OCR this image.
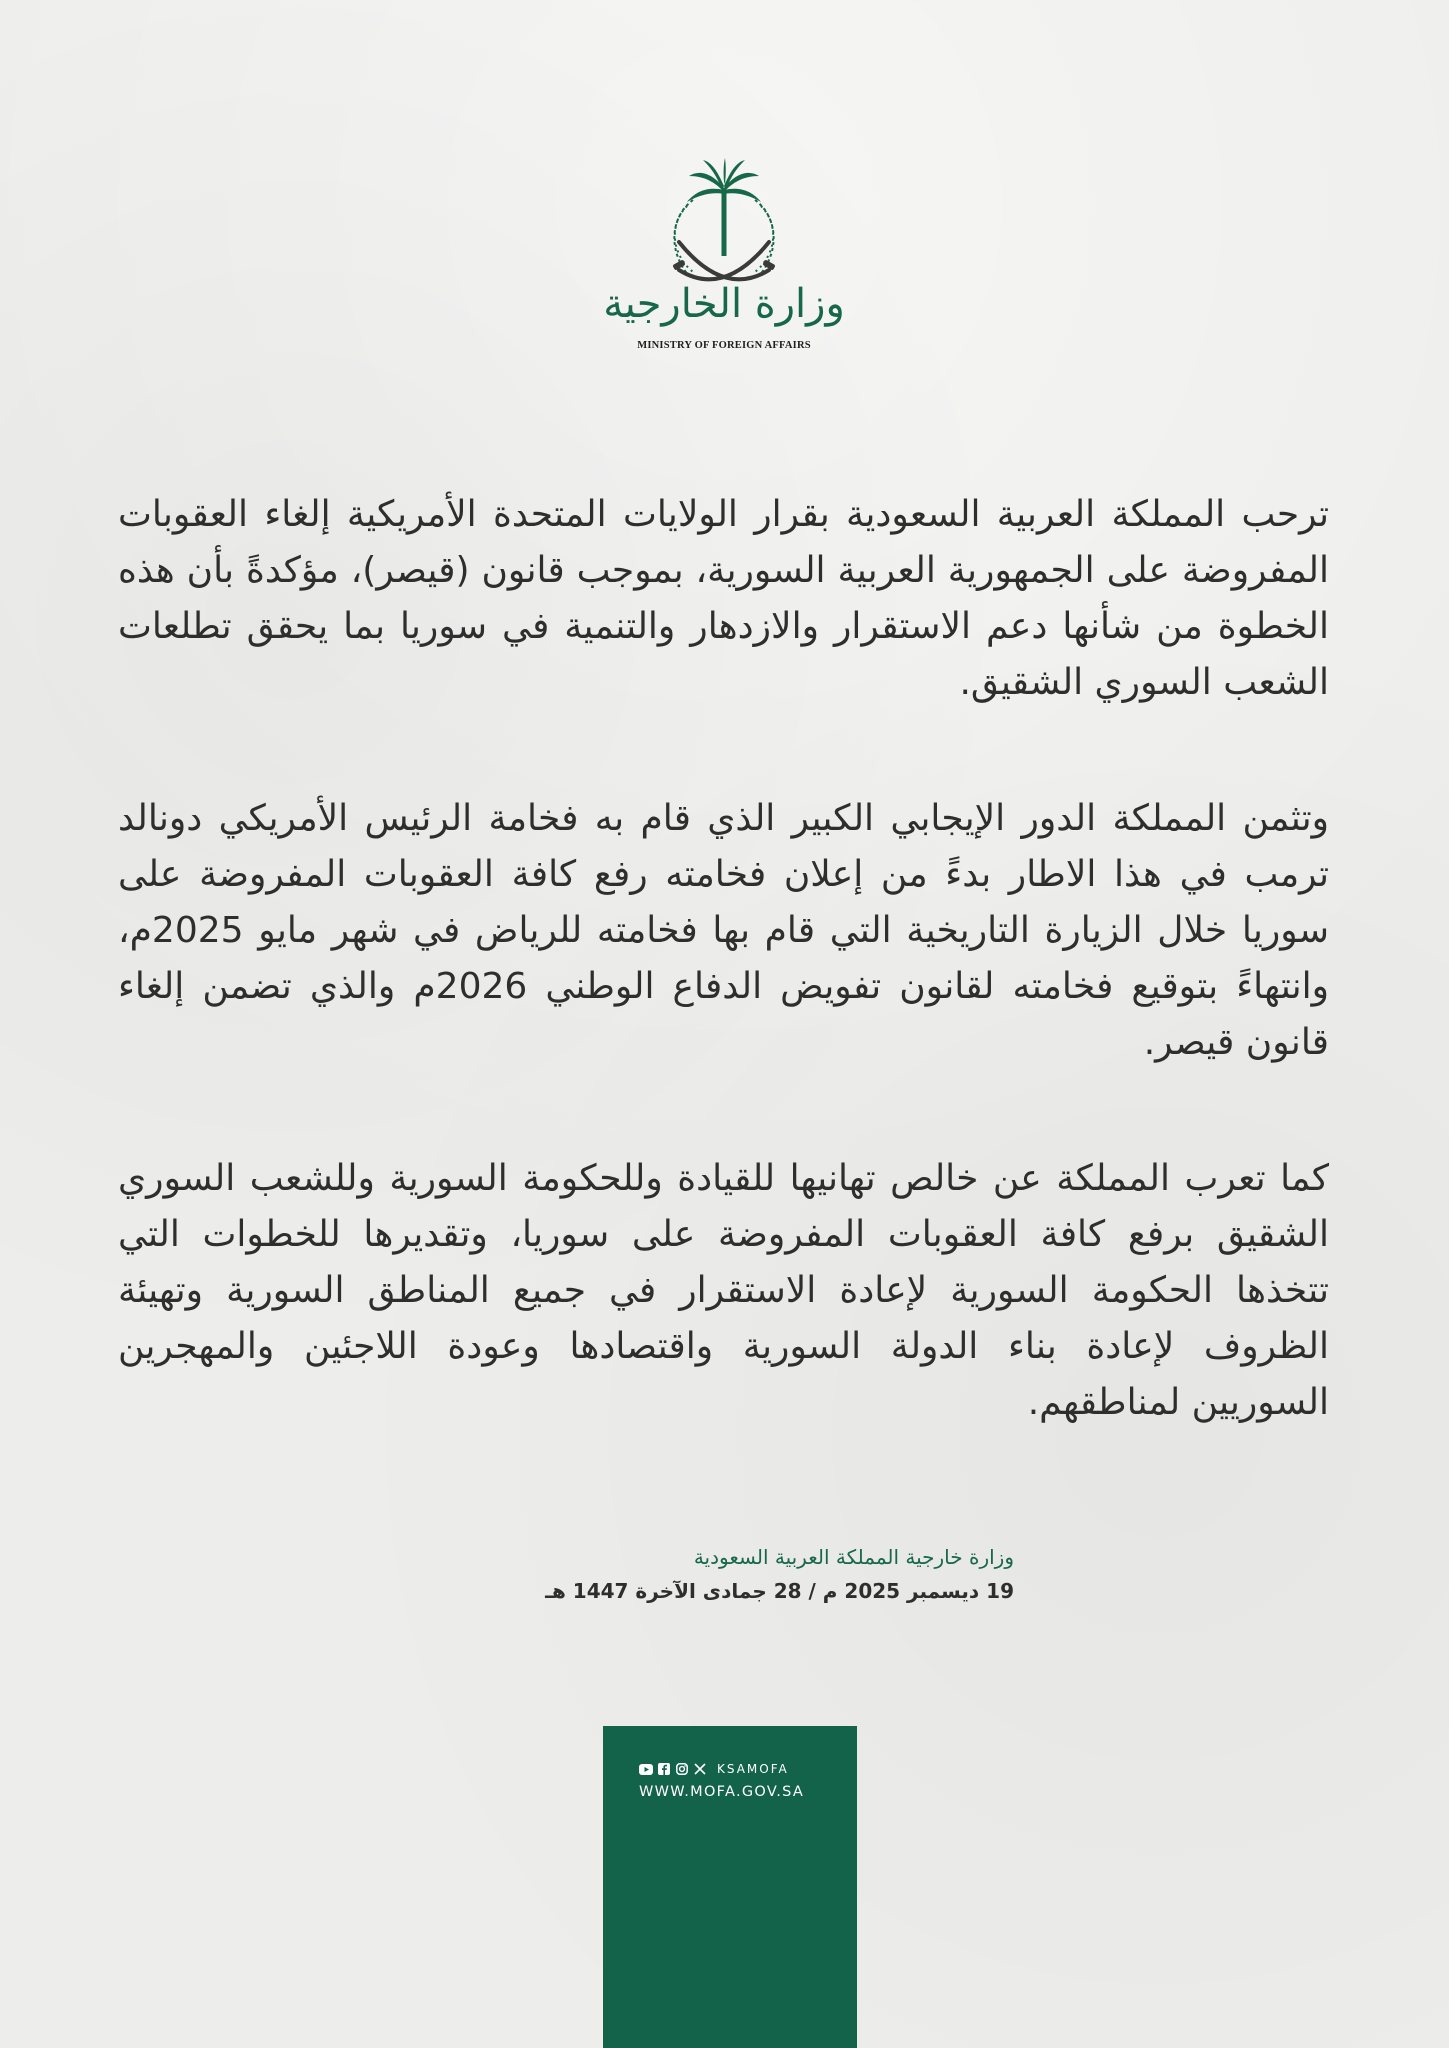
وزارة الخارجية
MINISTRY OF FOREIGN AFFAIRS

ترحب المملكة العربية السعودية بقرار الولايات المتحدة الأمريكية إلغاء العقوبات المفروضة على الجمهورية العربية السورية، بموجب قانون (قيصر)، مؤكدةً بأن هذه الخطوة من شأنها دعم الاستقرار والازدهار والتنمية في سوريا بما يحقق تطلعات الشعب السوري الشقيق.

وتثمن المملكة الدور الإيجابي الكبير الذي قام به فخامة الرئيس الأمريكي دونالد ترمب في هذا الاطار بدءً من إعلان فخامته رفع كافة العقوبات المفروضة على سوريا خلال الزيارة التاريخية التي قام بها فخامته للرياض في شهر مايو 2025م، وانتهاءً بتوقيع فخامته لقانون تفويض الدفاع الوطني 2026م والذي تضمن إلغاء قانون قيصر.

كما تعرب المملكة عن خالص تهانيها للقيادة وللحكومة السورية وللشعب السوري الشقيق برفع كافة العقوبات المفروضة على سوريا، وتقديرها للخطوات التي تتخذها الحكومة السورية لإعادة الاستقرار في جميع المناطق السورية وتهيئة الظروف لإعادة بناء الدولة السورية واقتصادها وعودة اللاجئين والمهجرين السوريين لمناطقهم.

وزارة خارجية المملكة العربية السعودية
19 ديسمبر 2025 م / 28 جمادى الآخرة 1447 هـ
KSAMOFA
WWW.MOFA.GOV.SA
